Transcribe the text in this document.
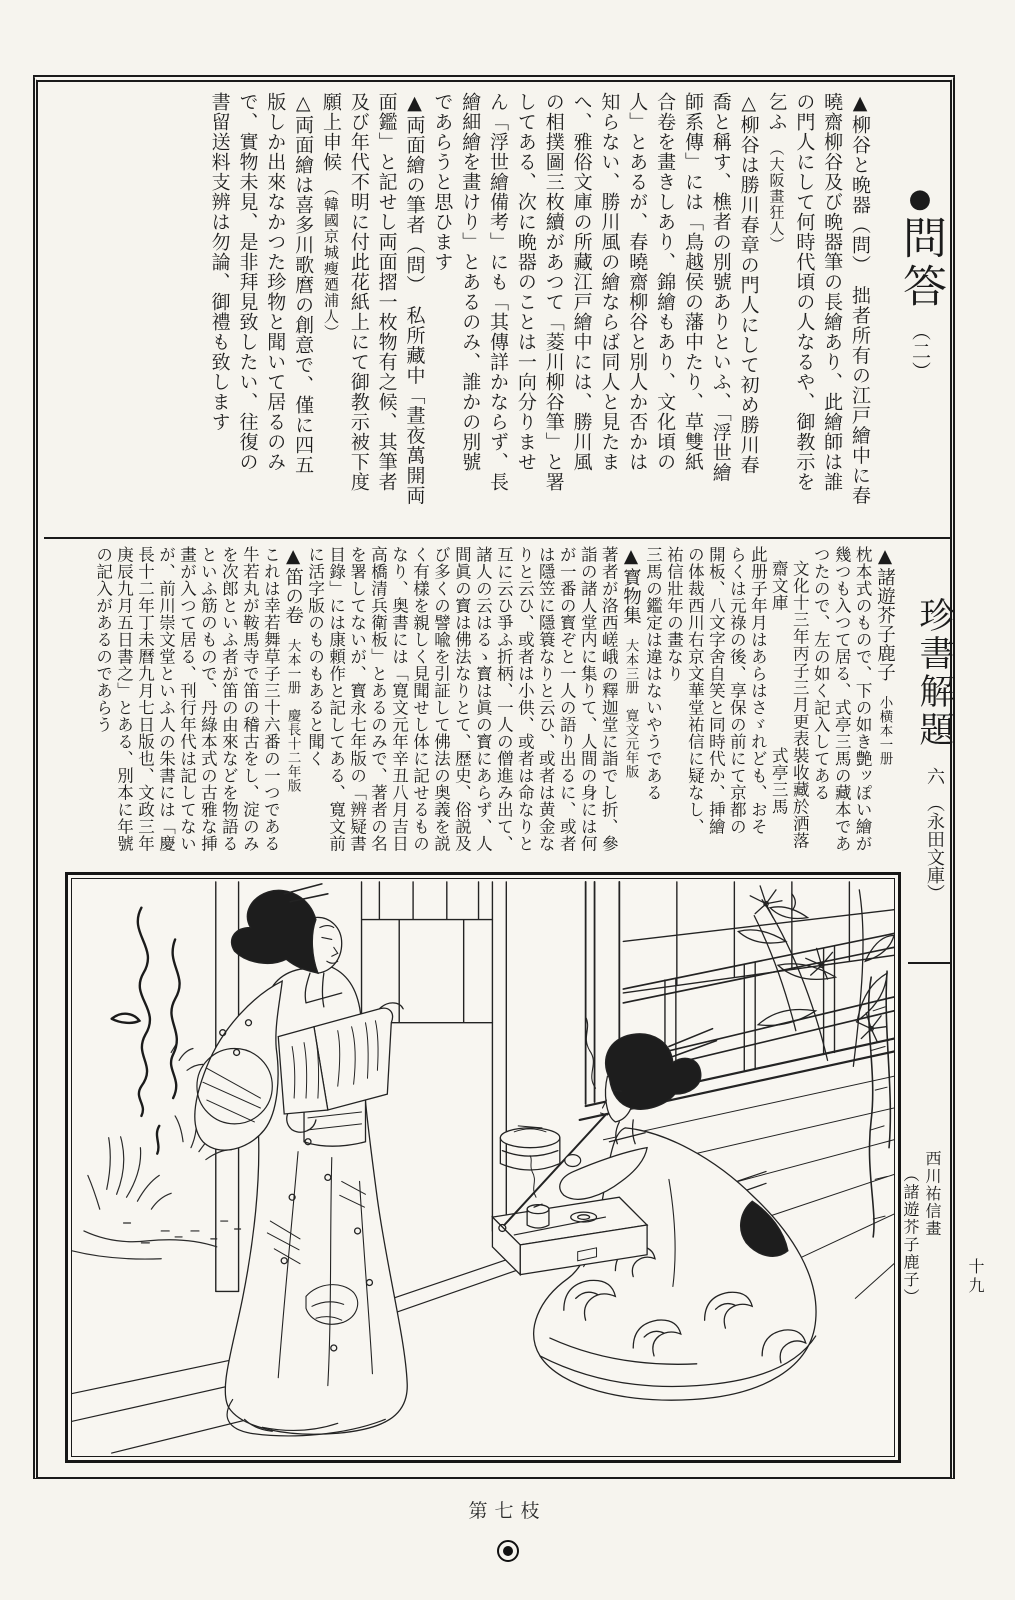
●問答　（二）
▲柳谷と晩器（問）　拙者所有の江戸繪中に春
曉齋柳谷及び晩器筆の長繪あり、此繪師は誰
の門人にして何時代頃の人なるや、御教示を
乞ふ　（大阪畫狂人）
△柳谷は勝川春章の門人にして初め勝川春
喬と稱す、樵者の別號ありといふ、「浮世繪
師系傳」には「鳥越侯の藩中たり、草雙紙
合卷を畫きしあり、錦繪もあり、文化頃の
人」とあるが、春曉齋柳谷と別人か否かは
知らない、勝川風の繪ならば同人と見たま
へ、雅俗文庫の所藏江戸繪中には、勝川風
の相撲圖三枚續があつて「菱川柳谷筆」と署
してある、次に晩器のことは一向分りませ
ん「浮世繪備考」にも「其傳詳かならず、長
繪細繪を畫けり」とあるのみ、誰かの別號
であらうと思ひます
▲両面繪の筆者（問）　私所藏中「晝夜萬開両
面鑑」と記せし両面摺一枚物有之候、其筆者
及び年代不明に付此花紙上にて御教示被下度
願上申候　（韓國京城瘦廼浦人）
△両面繪は喜多川歌麿の創意で、僅に四五
版しか出來なかつた珍物と聞いて居るのみ
で、實物未見、是非拜見致したい、往復の
書留送料支辨は勿論、御禮も致します
珍書解題　六　（永田文庫）
▲諸遊芥子鹿子　小横本一册
枕本式のもので、下の如き艶ッぽい繪が
幾つも入つて居る、式亭三馬の藏本であ
つたので、左の如く記入してある
文化十三年丙子三月更表裝收藏於洒落
齋文庫　　　　　　　　式亭三馬
此册子年月はあらはさゞれども、おそ
らくは元祿の後、享保の前にて京都の
開板、八文字舍自笑と同時代か、挿繪
の体裁西川右京文華堂祐信に疑なし、
祐信壯年の畫なり
三馬の鑑定は違はないやうである
▲寳物集　大本三册　寛文元年版
著者が洛西嵯峨の釋迦堂に詣でし折、參
詣の諸人堂内に集りて、人間の身には何
が一番の寳ぞと一人の語り出るに、或者
は隱笠に隱簑なりと云ひ、或者は黄金な
りと云ひ、或者は小供、或者は命なりと
互に云ひ爭ふ折柄、一人の僧進み出て、
諸人の云はるゝ寳は眞の寳にあらず、人
間眞の寳は佛法なりとて、歴史、俗説及
び多くの譬喩を引証して佛法の奥義を説
く有樣を親しく見聞せし体に記せるもの
なり、奥書には「寛文元年辛丑八月吉日
高橋清兵衛板」とあるのみで、著者の名
を署してないが、寳永七年版の「辨疑書
目錄」には康頼作と記してある、寛文前
に活字版のものもあると聞く
▲笛の卷　大本一册　慶長十二年版
これは幸若舞草子三十六番の一つである
牛若丸が鞍馬寺で笛の稽古をし、淀のみ
を次郎といふ者が笛の由來などを物語る
といふ筋のもので、丹綠本式の古雅な挿
畫が入つて居る、刊行年代は記してない
が、前川崇文堂といふ人の朱書には「慶
長十二年丁未曆九月七日版也、文政三年
庚辰九月五日書之」とある、別本に年號
の記入があるのであらう
西川祐信畫
（諸遊芥子鹿子）	十九
第七枝
